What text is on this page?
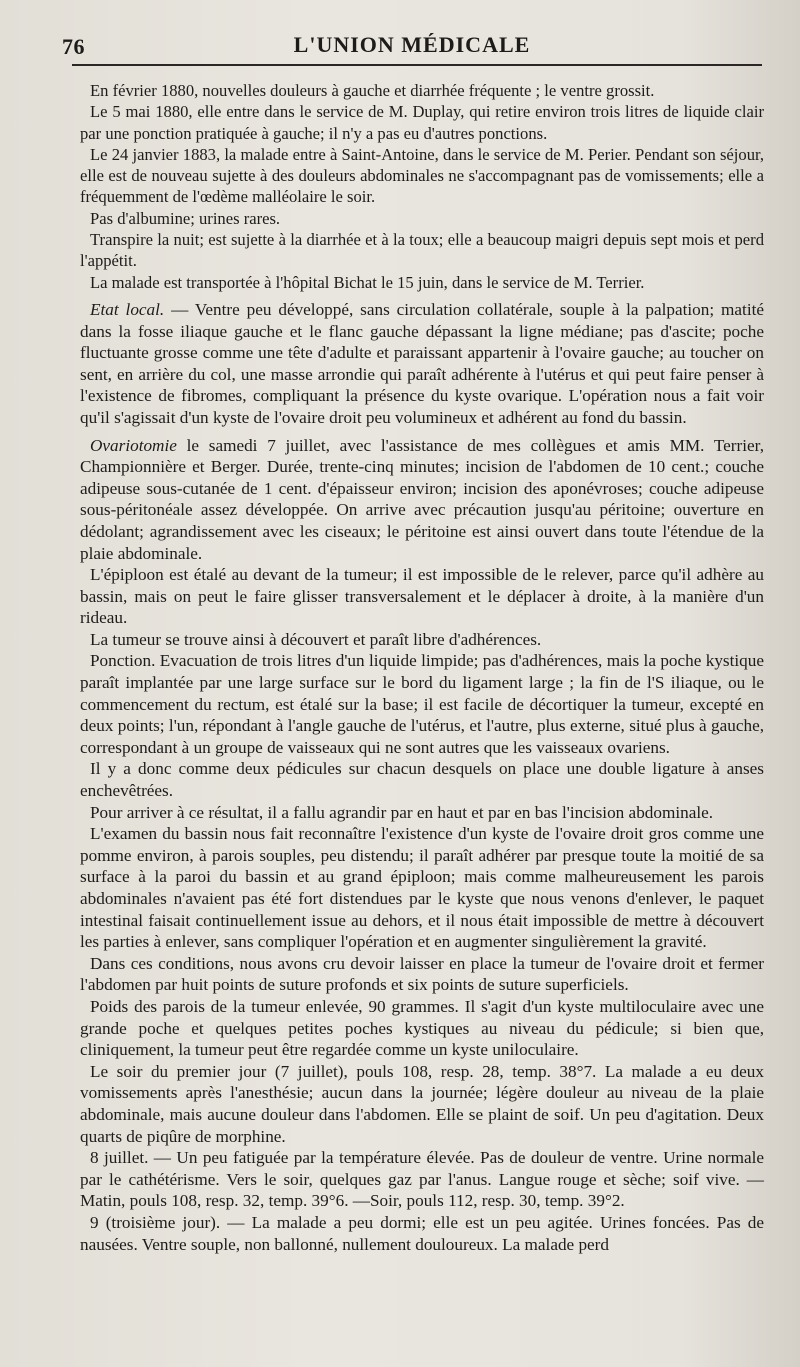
76	L'UNION MÉDICALE

En février 1880, nouvelles douleurs à gauche et diarrhée fréquente ; le ventre grossit.

Le 5 mai 1880, elle entre dans le service de M. Duplay, qui retire environ trois litres de liquide clair par une ponction pratiquée à gauche; il n'y a pas eu d'autres ponctions.

Le 24 janvier 1883, la malade entre à Saint-Antoine, dans le service de M. Perier. Pendant son séjour, elle est de nouveau sujette à des douleurs abdominales ne s'accompagnant pas de vomissements; elle a fréquemment de l'œdème malléolaire le soir.

Pas d'albumine; urines rares.

Transpire la nuit; est sujette à la diarrhée et à la toux; elle a beaucoup maigri depuis sept mois et perd l'appétit.

La malade est transportée à l'hôpital Bichat le 15 juin, dans le service de M. Terrier.

Etat local. — Ventre peu développé, sans circulation collatérale, souple à la palpation; matité dans la fosse iliaque gauche et le flanc gauche dépassant la ligne médiane; pas d'ascite; poche fluctuante grosse comme une tête d'adulte et paraissant appartenir à l'ovaire gauche; au toucher on sent, en arrière du col, une masse arrondie qui paraît adhérente à l'utérus et qui peut faire penser à l'existence de fibromes, compliquant la présence du kyste ovarique. L'opération nous a fait voir qu'il s'agissait d'un kyste de l'ovaire droit peu volumineux et adhérent au fond du bassin.

Ovariotomie le samedi 7 juillet, avec l'assistance de mes collègues et amis MM. Terrier, Championnière et Berger. Durée, trente-cinq minutes; incision de l'abdomen de 10 cent.; couche adipeuse sous-cutanée de 1 cent. d'épaisseur environ; incision des aponévroses; couche adipeuse sous-péritonéale assez développée. On arrive avec précaution jusqu'au péritoine; ouverture en dédolant; agrandissement avec les ciseaux; le péritoine est ainsi ouvert dans toute l'étendue de la plaie abdominale.

L'épiploon est étalé au devant de la tumeur; il est impossible de le relever, parce qu'il adhère au bassin, mais on peut le faire glisser transversalement et le déplacer à droite, à la manière d'un rideau.

La tumeur se trouve ainsi à découvert et paraît libre d'adhérences.

Ponction. Evacuation de trois litres d'un liquide limpide; pas d'adhérences, mais la poche kystique paraît implantée par une large surface sur le bord du ligament large ; la fin de l'S iliaque, ou le commencement du rectum, est étalé sur la base; il est facile de décortiquer la tumeur, excepté en deux points; l'un, répondant à l'angle gauche de l'utérus, et l'autre, plus externe, situé plus à gauche, correspondant à un groupe de vaisseaux qui ne sont autres que les vaisseaux ovariens.

Il y a donc comme deux pédicules sur chacun desquels on place une double ligature à anses enchevêtrées.

Pour arriver à ce résultat, il a fallu agrandir par en haut et par en bas l'incision abdominale.

L'examen du bassin nous fait reconnaître l'existence d'un kyste de l'ovaire droit gros comme une pomme environ, à parois souples, peu distendu; il paraît adhérer par presque toute la moitié de sa surface à la paroi du bassin et au grand épiploon; mais comme malheureusement les parois abdominales n'avaient pas été fort distendues par le kyste que nous venons d'enlever, le paquet intestinal faisait continuellement issue au dehors, et il nous était impossible de mettre à découvert les parties à enlever, sans compliquer l'opération et en augmenter singulièrement la gravité.

Dans ces conditions, nous avons cru devoir laisser en place la tumeur de l'ovaire droit et fermer l'abdomen par huit points de suture profonds et six points de suture superficiels.

Poids des parois de la tumeur enlevée, 90 grammes. Il s'agit d'un kyste multiloculaire avec une grande poche et quelques petites poches kystiques au niveau du pédicule; si bien que, cliniquement, la tumeur peut être regardée comme un kyste uniloculaire.

Le soir du premier jour (7 juillet), pouls 108, resp. 28, temp. 38°7. La malade a eu deux vomissements après l'anesthésie; aucun dans la journée; légère douleur au niveau de la plaie abdominale, mais aucune douleur dans l'abdomen. Elle se plaint de soif. Un peu d'agitation. Deux quarts de piqûre de morphine.

8 juillet. — Un peu fatiguée par la température élevée. Pas de douleur de ventre. Urine normale par le cathétérisme. Vers le soir, quelques gaz par l'anus. Langue rouge et sèche; soif vive. — Matin, pouls 108, resp. 32, temp. 39°6. —Soir, pouls 112, resp. 30, temp. 39°2.

9 (troisième jour). — La malade a peu dormi; elle est un peu agitée. Urines foncées. Pas de nausées. Ventre souple, non ballonné, nullement douloureux. La malade perd
